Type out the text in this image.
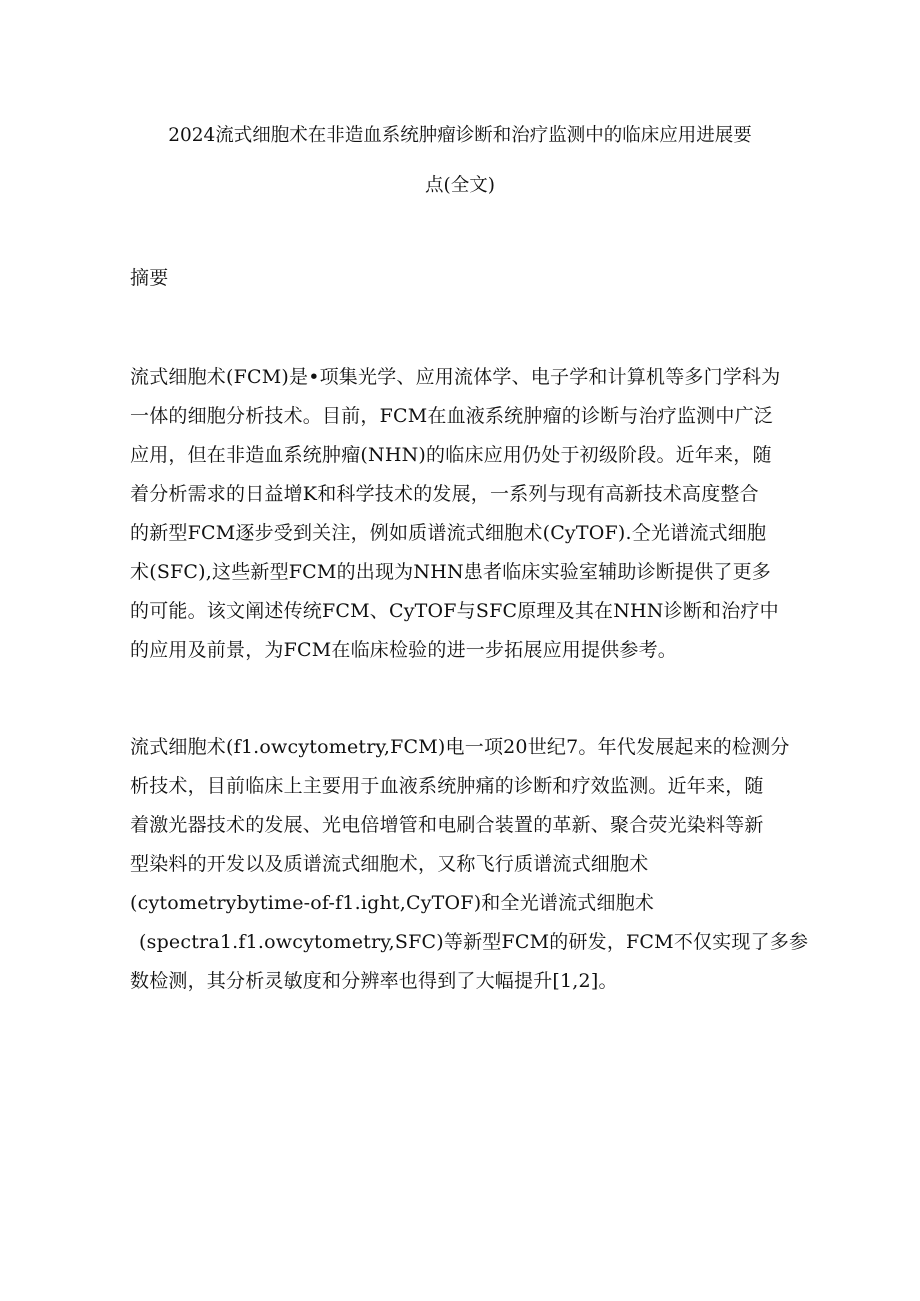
2024流式细胞术在非造血系统肿瘤诊断和治疗监测中的临床应用进展要
点(全文)
摘要
流式细胞术(FCM)是•项集光学、应用流体学、电子学和计算机等多门学科为
一体的细胞分析技术。目前，FCM在血液系统肿瘤的诊断与治疗监测中广泛
应用，但在非造血系统肿瘤(NHN)的临床应用仍处于初级阶段。近年来，随
着分析需求的日益增K和科学技术的发展，一系列与现有高新技术高度整合
的新型FCM逐步受到关注，例如质谱流式细胞术(CyTOF).仝光谱流式细胞
术(SFC),这些新型FCM的出现为NHN患者临床实验室辅助诊断提供了更多
的可能。该文阐述传统FCM、CyTOF与SFC原理及其在NHN诊断和治疗中
的应用及前景，为FCM在临床检验的进一步拓展应用提供参考。
流式细胞术(f1.owcytometry,FCM)电一项20世纪7。年代发展起来的检测分
析技术，目前临床上主要用于血液系统肿痛的诊断和疗效监测。近年来，随
着激光器技术的发展、光电倍增管和电刷合装置的革新、聚合荧光染料等新
型染料的开发以及质谱流式细胞术，又称飞行质谱流式细胞术
(cytometrybytime-of-f1.ight,CyTOF)和全光谱流式细胞术
(spectra1.f1.owcytometry,SFC)等新型FCM的研发，FCM不仅实现了多参
数检测，其分析灵敏度和分辨率也得到了大幅提升[1,2]。
